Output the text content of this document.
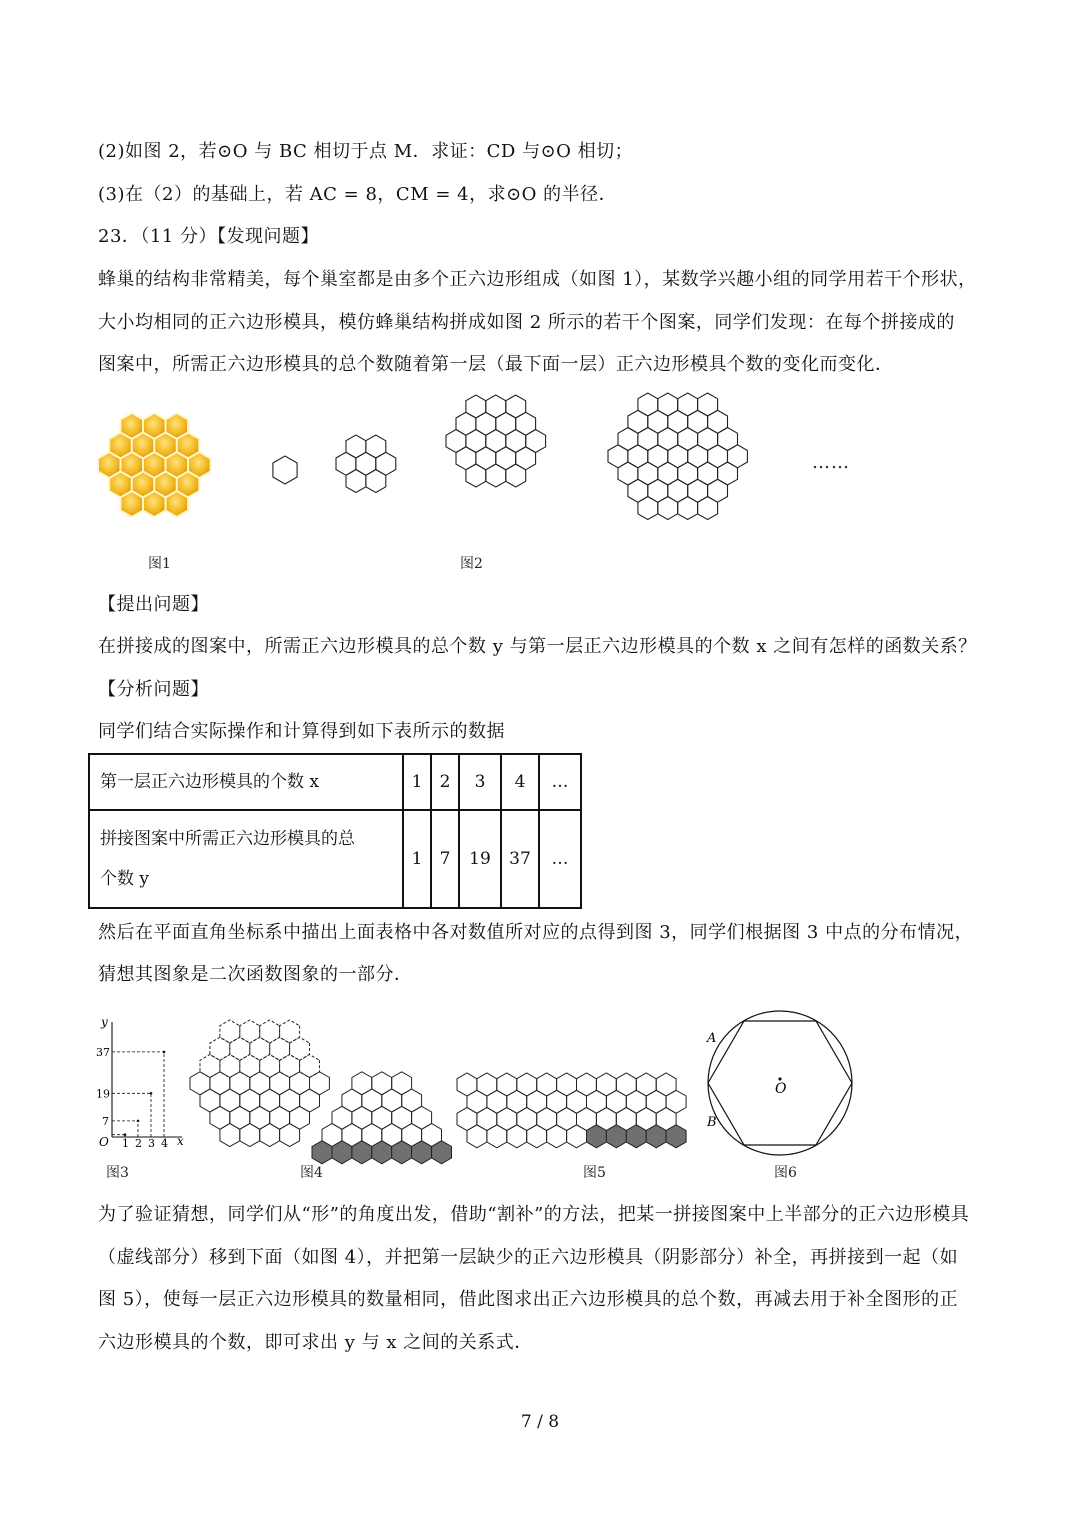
(2)如图 2，若⊙O 与 BC 相切于点 M．求证：CD 与⊙O 相切；
(3)在（2）的基础上，若 AC = 8，CM = 4，求⊙O 的半径．
23．（11 分）【发现问题】
蜂巢的结构非常精美，每个巢室都是由多个正六边形组成（如图 1），某数学兴趣小组的同学用若干个形状，
大小均相同的正六边形模具，模仿蜂巢结构拼成如图 2 所示的若干个图案，同学们发现：在每个拼接成的
图案中，所需正六边形模具的总个数随着第一层（最下面一层）正六边形模具个数的变化而变化．
……
图1	图2
【提出问题】
在拼接成的图案中，所需正六边形模具的总个数 y 与第一层正六边形模具的个数 x 之间有怎样的函数关系？
【分析问题】
同学们结合实际操作和计算得到如下表所示的数据
第一层正六边形模具的个数 x	1	2	3	4	…
拼接图案中所需正六边形模具的总
个数 y	1	7	19	37	…
然后在平面直角坐标系中描出上面表格中各对数值所对应的点得到图 3，同学们根据图 3 中点的分布情况，
猜想其图象是二次函数图象的一部分．
y
x
O 1 2 3 4
7
19
37
A
B
O
图3	图4	图5	图6
为了验证猜想，同学们从“形”的角度出发，借助“割补”的方法，把某一拼接图案中上半部分的正六边形模具
（虚线部分）移到下面（如图 4），并把第一层缺少的正六边形模具（阴影部分）补全，再拼接到一起（如
图 5），使每一层正六边形模具的数量相同，借此图求出正六边形模具的总个数，再减去用于补全图形的正
六边形模具的个数，即可求出 y 与 x 之间的关系式．
7 / 8
